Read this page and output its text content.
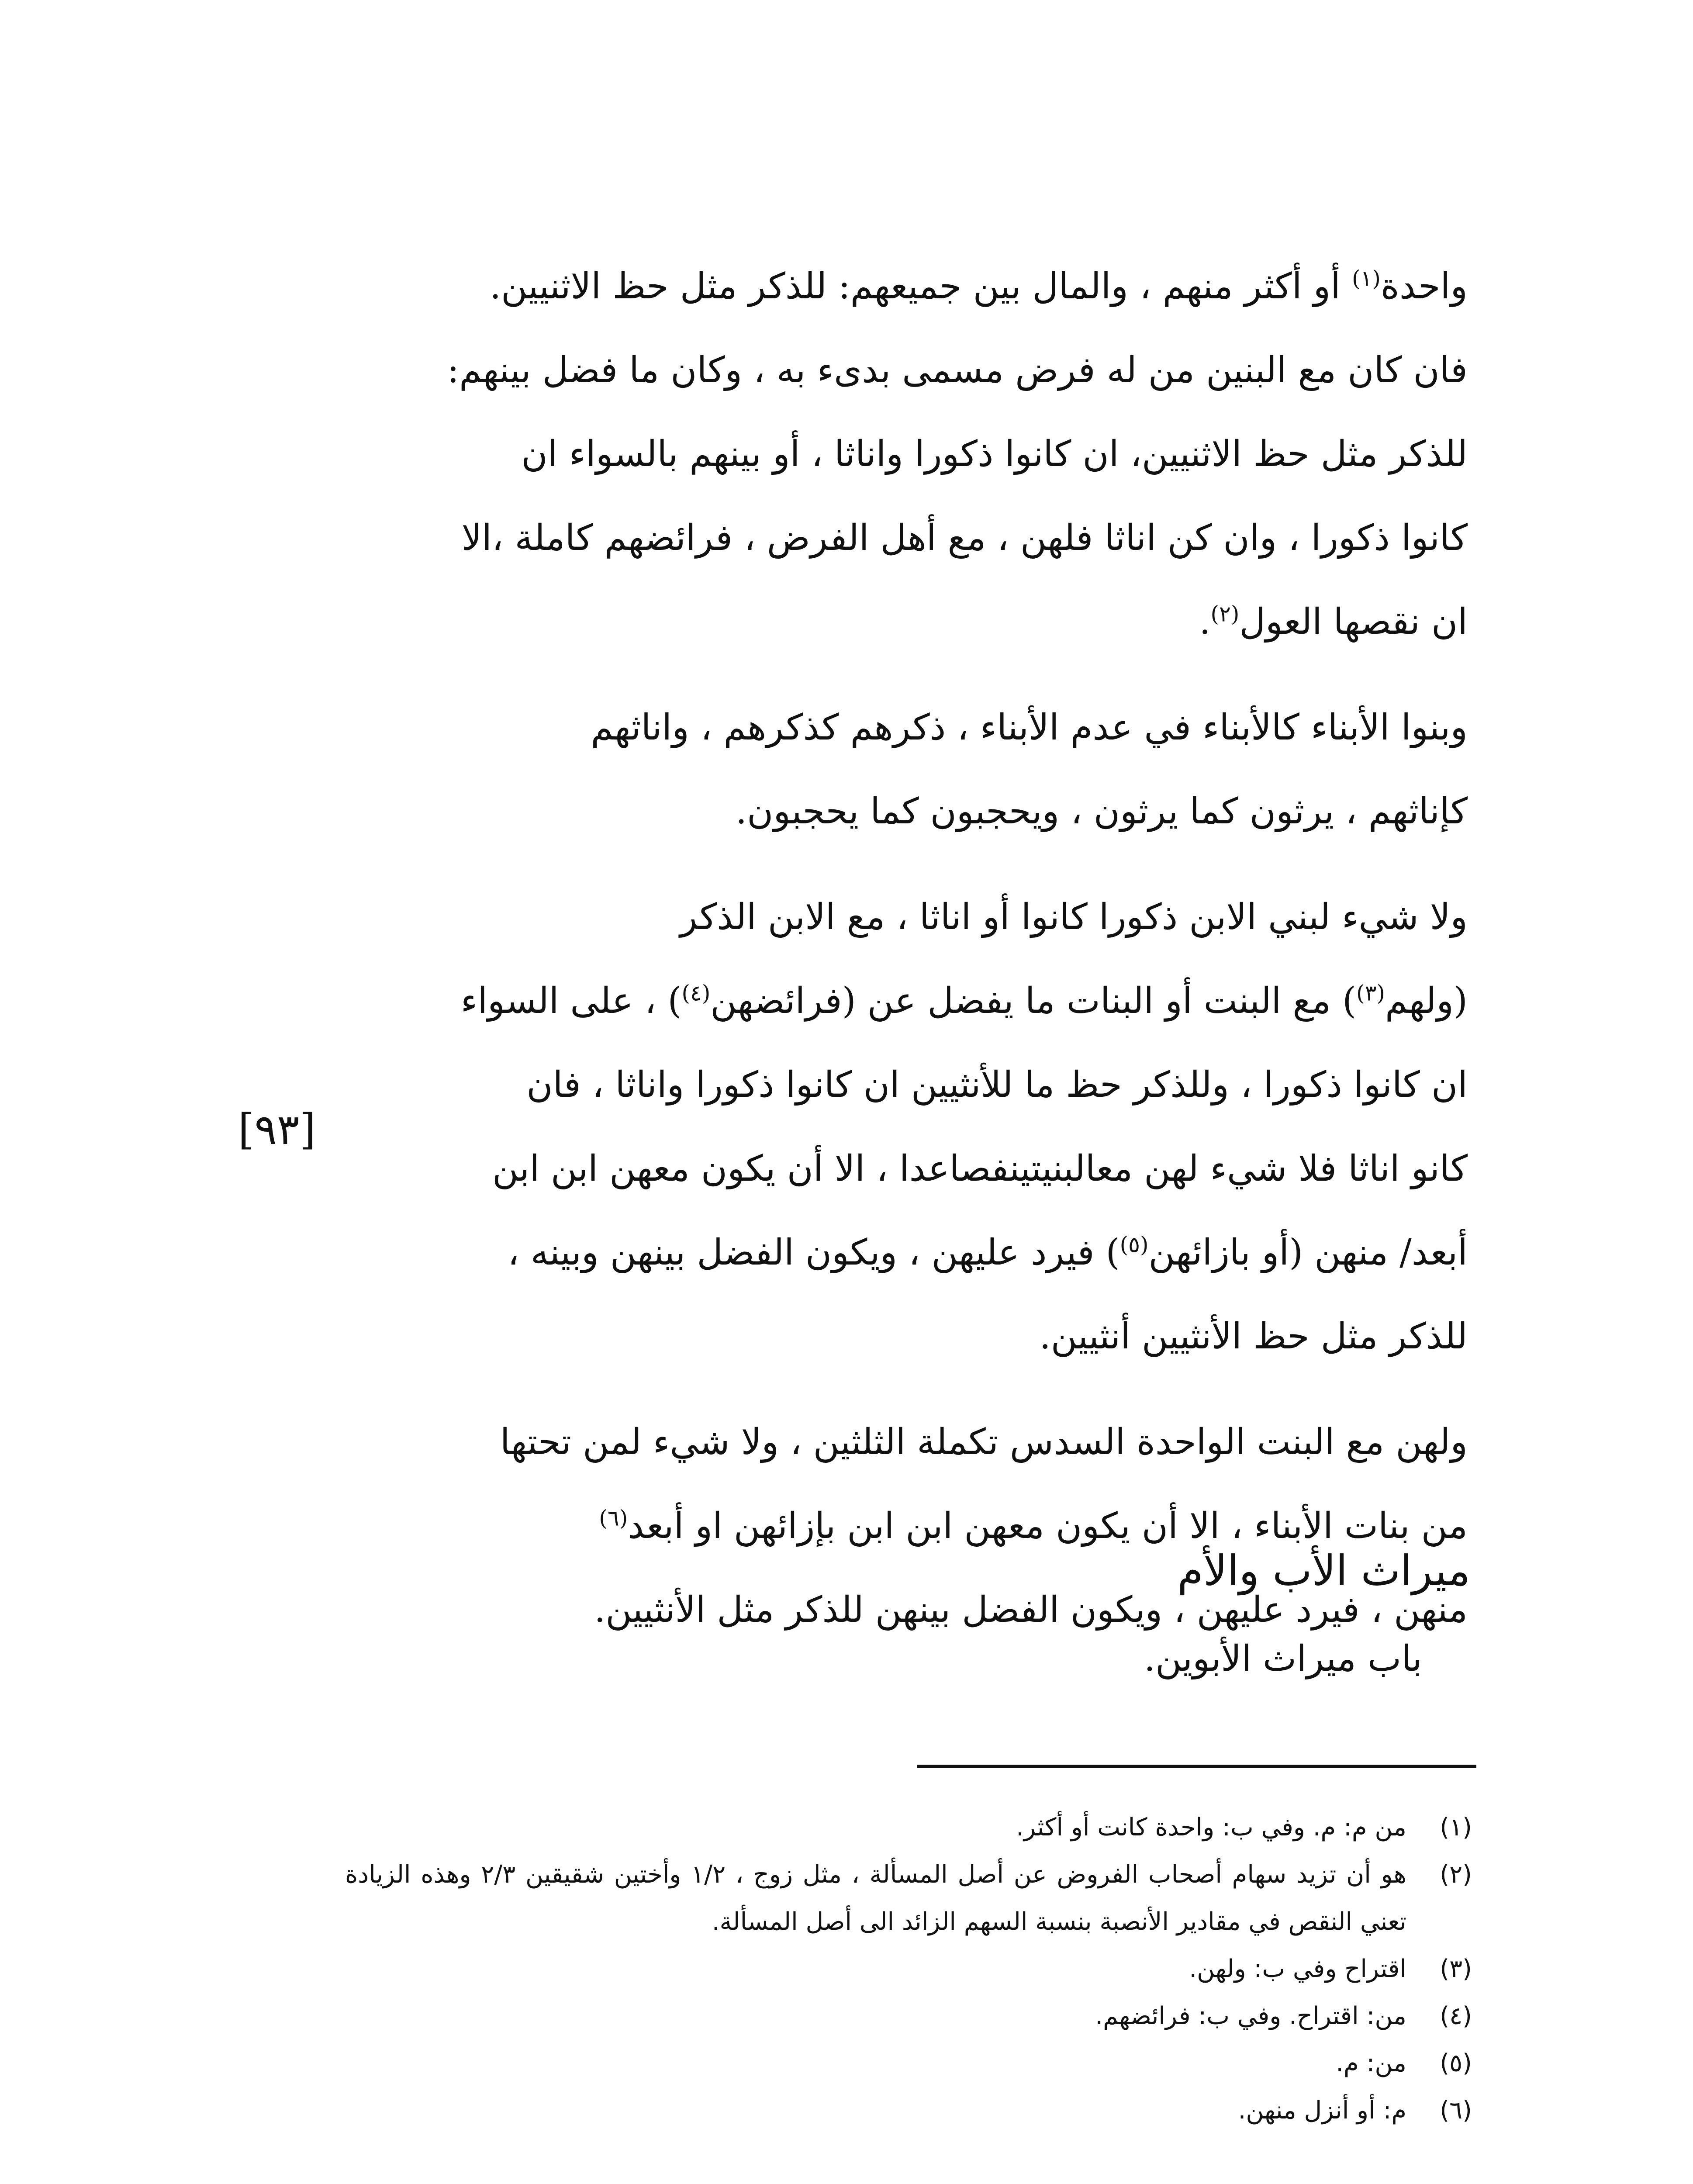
واحدة$^{(١)}$ أو أكثر منهم ، والمال بين جميعهم: للذكر مثل حظ الاثنيين.

فان كان مع البنين من له فرض مسمى بدىء به ، وكان ما فضل بينهم:

للذكر مثل حظ الاثنيين، ان كانوا ذكورا واناثا ، أو بينهم بالسواء ان

كانوا ذكورا ، وان كن اناثا فلهن ، مع أهل الفرض ، فرائضهم كاملة ،الا

ان نقصها العول$^{(٢)}$.

وبنوا الأبناء كالأبناء في عدم الأبناء ، ذكرهم كذكرهم ، واناثهم

كإناثهم ، يرثون كما يرثون ، ويحجبون كما يحجبون.

ولا شيء لبني الابن ذكورا كانوا أو اناثا ، مع الابن الذكر

(ولهم$^{(٣)}$) مع البنت أو البنات ما يفضل عن (فرائضهن$^{(٤)}$) ، على السواء

ان كانوا ذكورا ، وللذكر حظ ما للأنثيين ان كانوا ذكورا واناثا ، فان

كانو اناثا فلا شيء لهن معالبنيتينفصاعدا ، الا أن يكون معهن ابن ابن

أبعد/ منهن (أو بازائهن$^{(٥)}$) فيرد عليهن ، ويكون الفضل بينهن وبينه ،

للذكر مثل حظ الأنثيين أنثيين.

ولهن مع البنت الواحدة السدس تكملة الثلثين ، ولا شيء لمن تحتها

من بنات الأبناء ، الا أن يكون معهن ابن ابن بإزائهن او أبعد$^{(٦)}$

منهن ، فيرد عليهن ، ويكون الفضل بينهن للذكر مثل الأنثيين.

[٩٣]
ميراث الأب والأم
باب ميراث الأبوين.
(١)
من م: م. وفي ب: واحدة كانت أو أكثر.
(٢)
هو أن تزيد سهام أصحاب الفروض عن أصل المسألة ، مثل زوج ، ١/٢ وأختين شقيقين ٢/٣ وهذه الزيادة تعني النقص في مقادير الأنصبة بنسبة السهم الزائد الى أصل المسألة.
(٣)
اقتراح وفي ب: ولهن.
(٤)
من: اقتراح. وفي ب: فرائضهم.
(٥)
من: م.
(٦)
م: أو أنزل منهن.
